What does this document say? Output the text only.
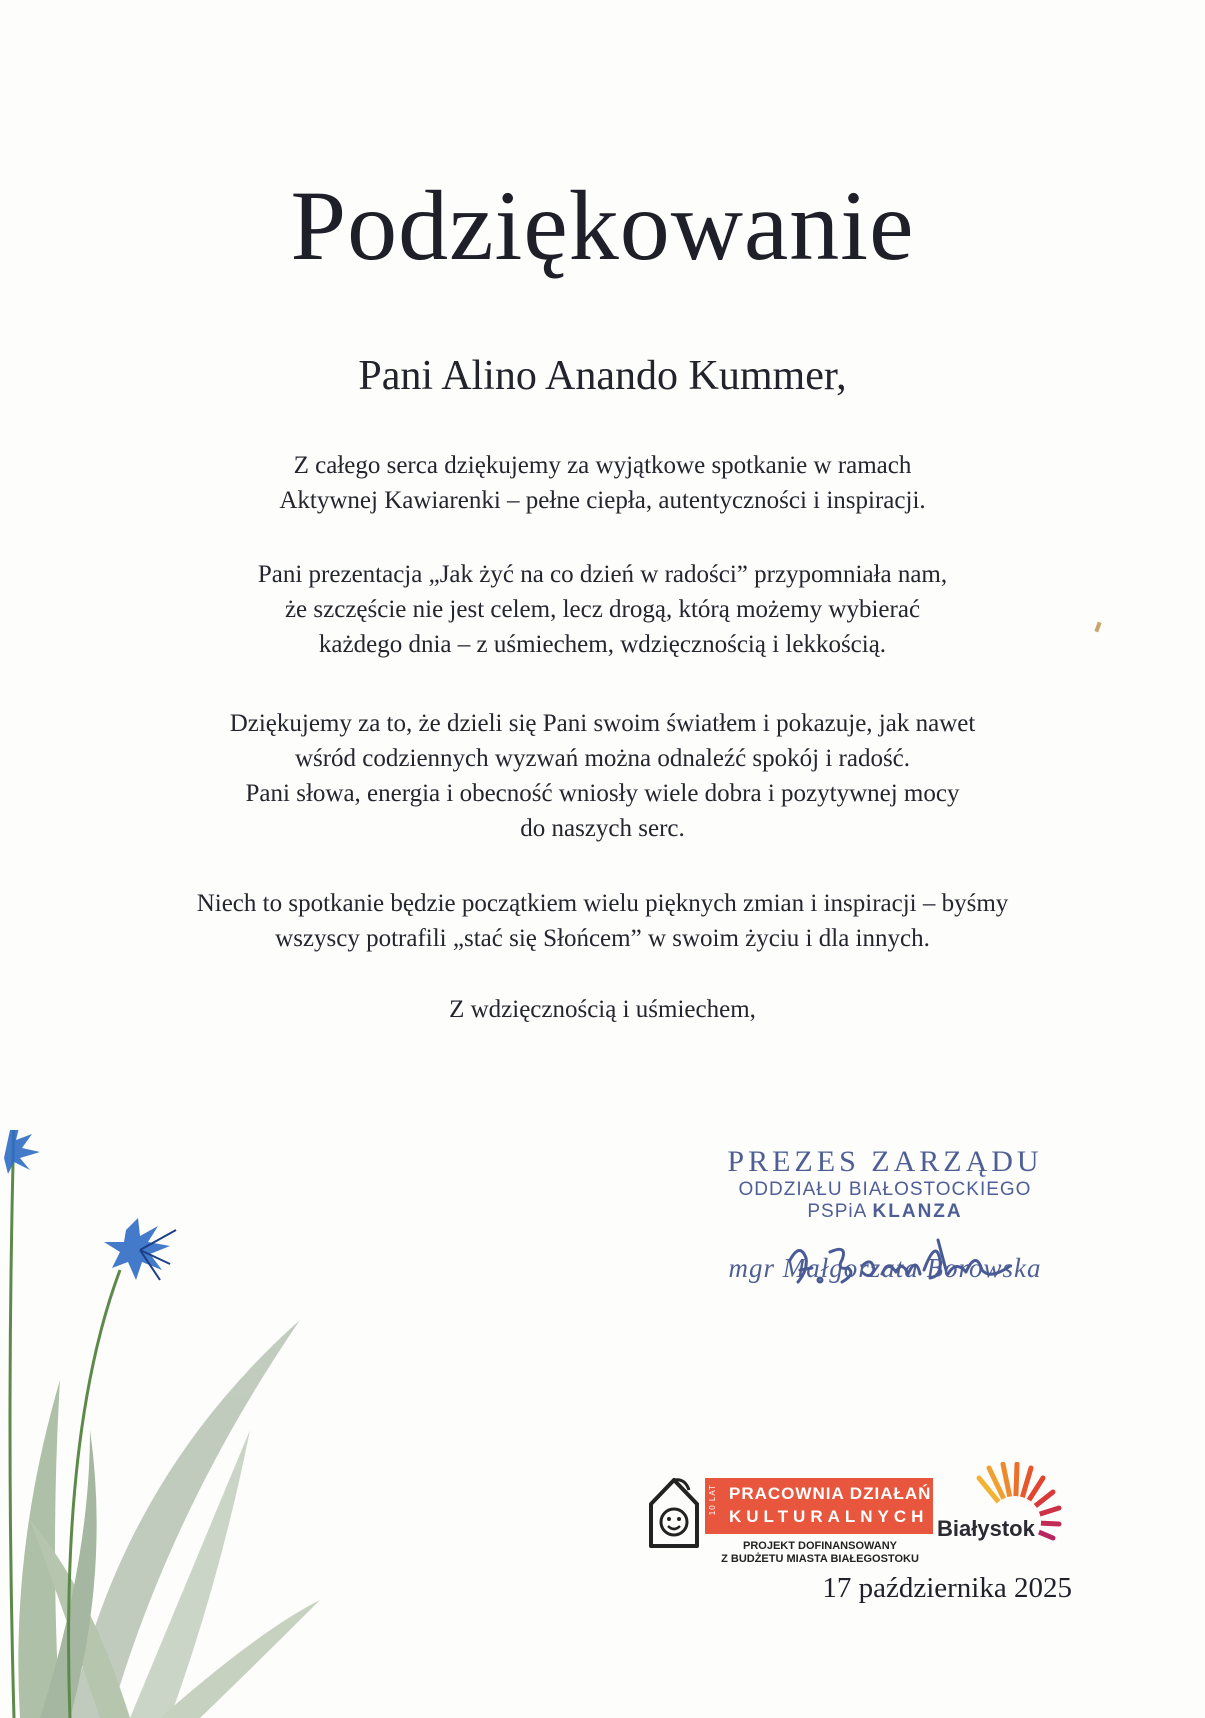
Podziękowanie

Pani Alino Anando Kummer,

Z całego serca dziękujemy za wyjątkowe spotkanie w ramach
Aktywnej Kawiarenki – pełne ciepła, autentyczności i inspiracji.

Pani prezentacja „Jak żyć na co dzień w radości” przypomniała nam,
że szczęście nie jest celem, lecz drogą, którą możemy wybierać
każdego dnia – z uśmiechem, wdzięcznością i lekkością.

Dziękujemy za to, że dzieli się Pani swoim światłem i pokazuje, jak nawet
wśród codziennych wyzwań można odnaleźć spokój i radość.
Pani słowa, energia i obecność wniosły wiele dobra i pozytywnej mocy
do naszych serc.

Niech to spotkanie będzie początkiem wielu pięknych zmian i inspiracji – byśmy
wszyscy potrafili „stać się Słońcem” w swoim życiu i dla innych.

Z wdzięcznością i uśmiechem,

PREZES ZARZĄDU
ODDZIAŁU BIAŁOSTOCKIEGO
PSPiA KLANZA
mgr Małgorzata Borowska
10 LAT PRACOWNIA DZIAŁAŃ
KULTURALNYCH
PROJEKT DOFINANSOWANY
Z BUDŻETU MIASTA BIAŁEGOSTOKU
Białystok
17 października 2025
